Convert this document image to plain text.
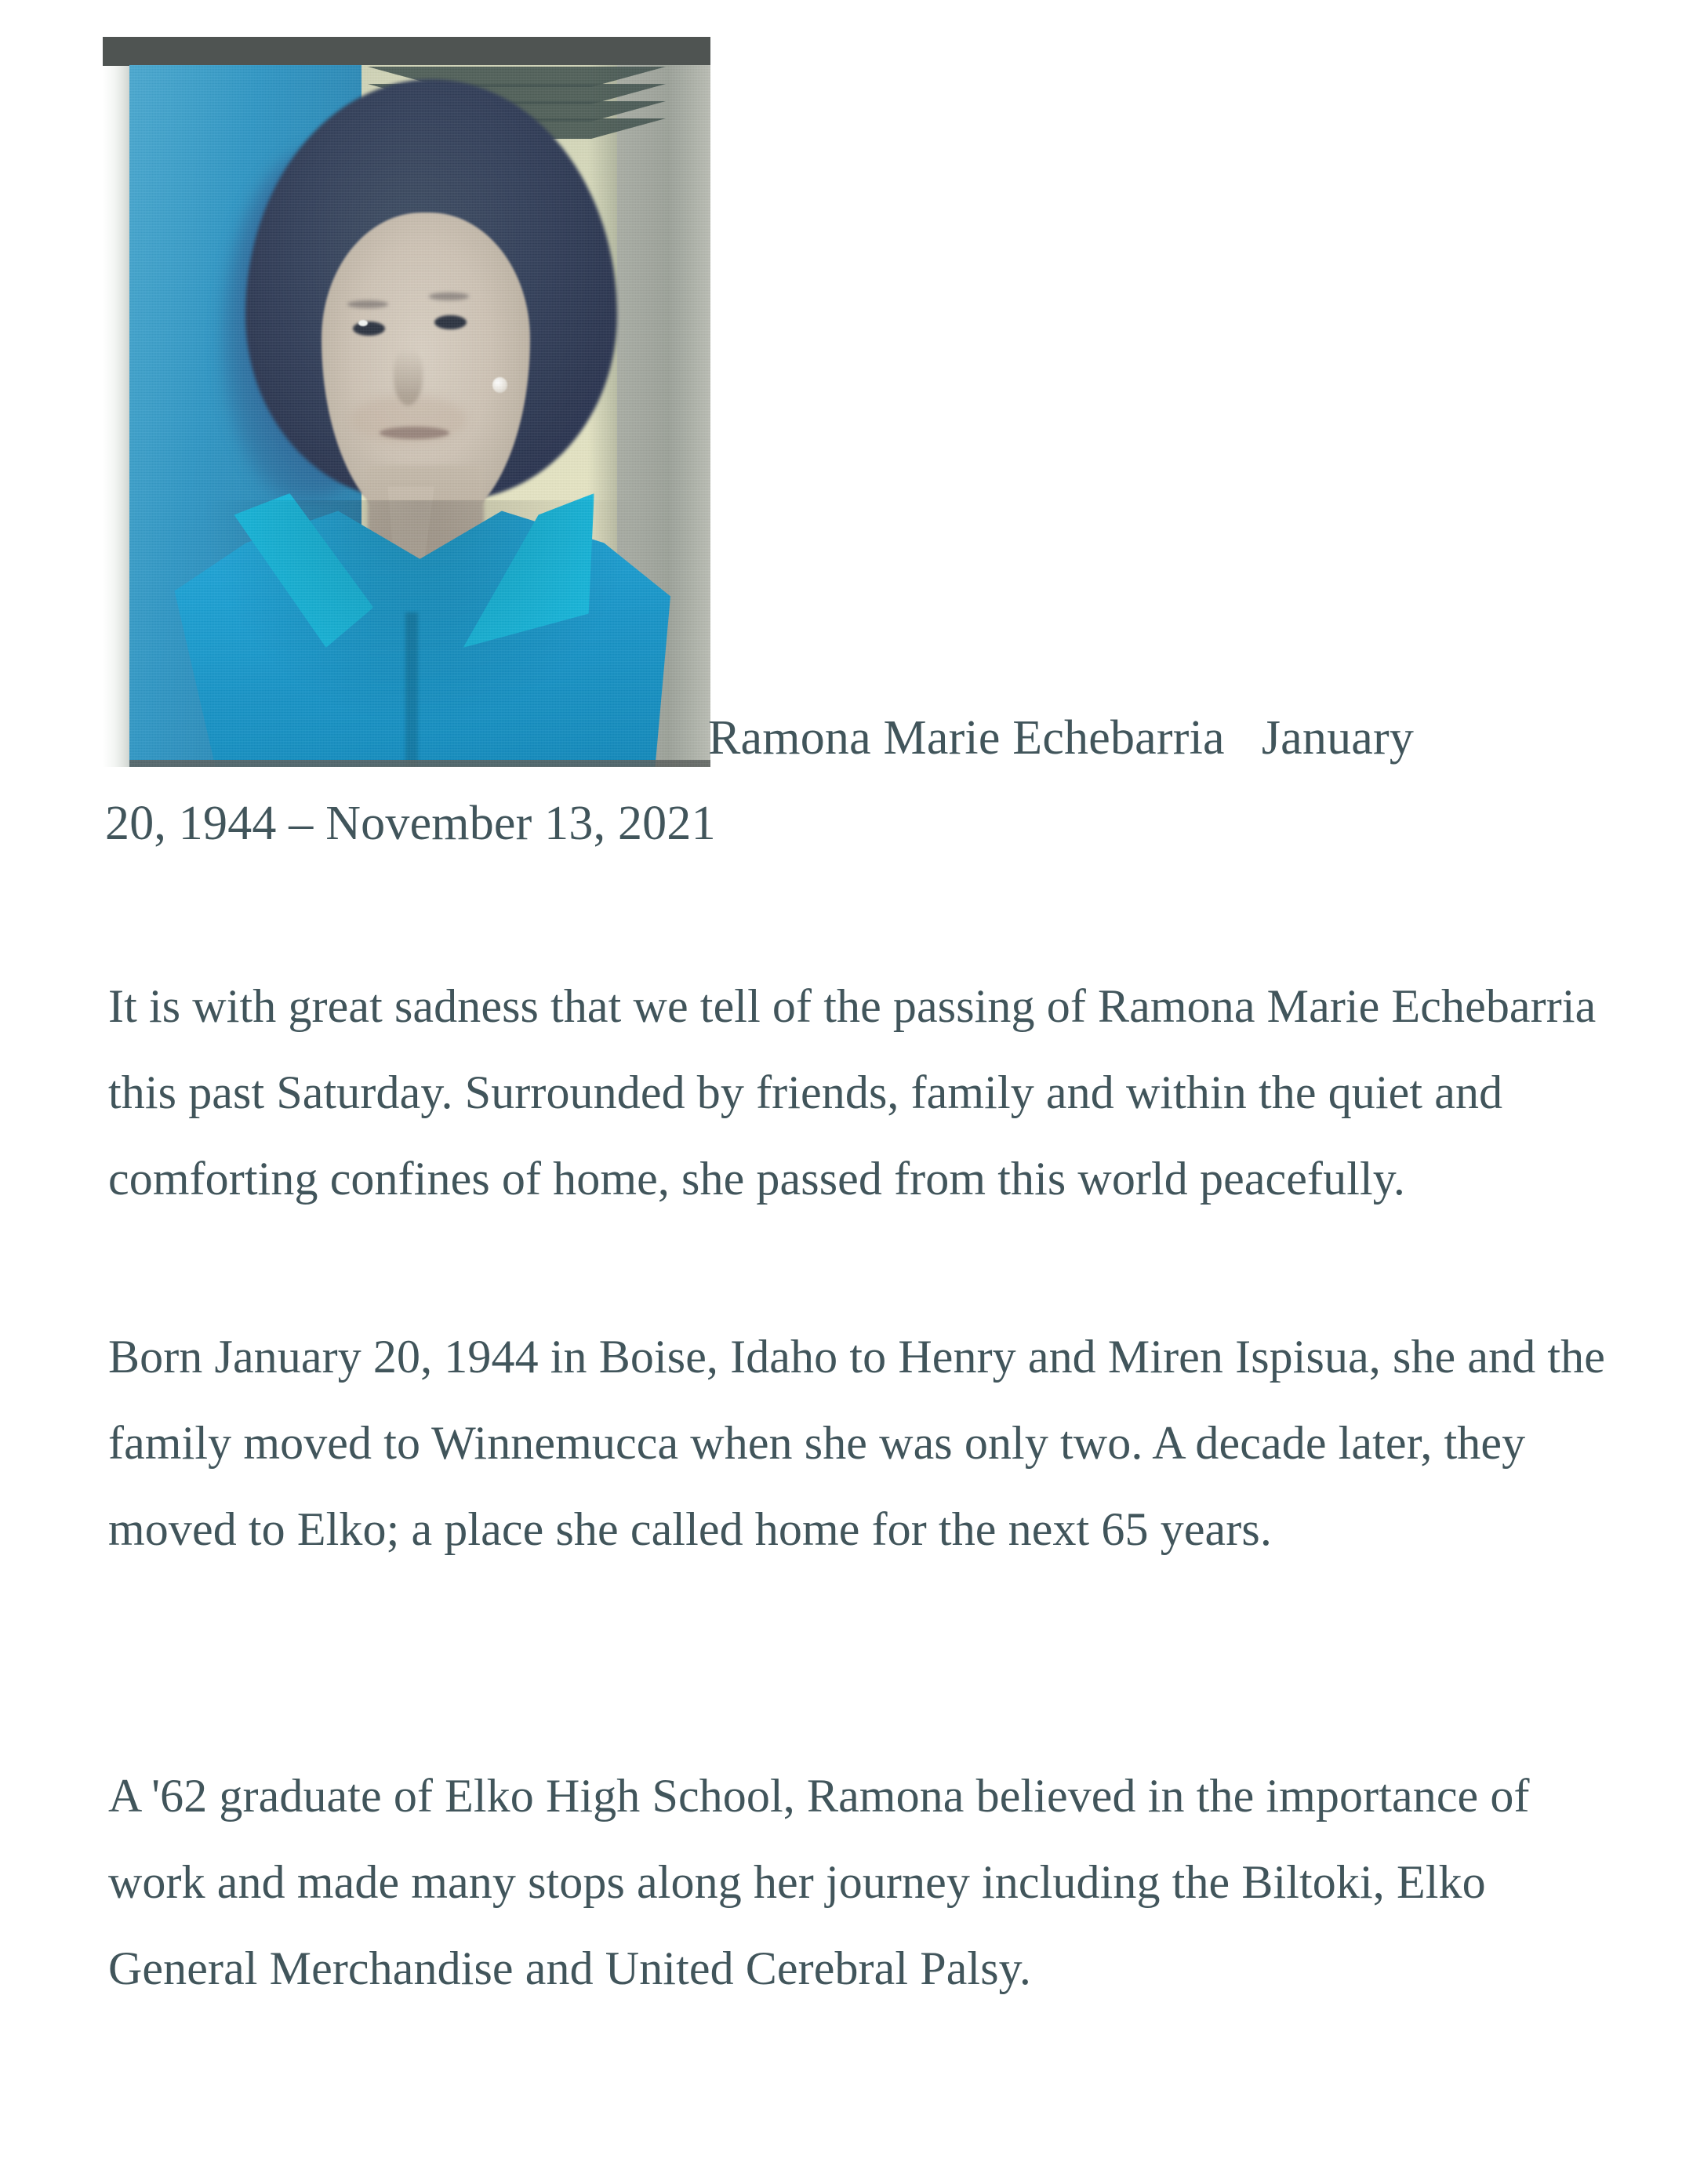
Ramona Marie Echebarria   January
20, 1944 – November 13, 2021

It is with great sadness that we tell of the passing of Ramona Marie Echebarria this past Saturday. Surrounded by friends, family and within the quiet and comforting confines of home, she passed from this world peacefully.

Born January 20, 1944 in Boise, Idaho to Henry and Miren Ispisua, she and the family moved to Winnemucca when she was only two. A decade later, they moved to Elko; a place she called home for the next 65 years.

A '62 graduate of Elko High School, Ramona believed in the importance of work and made many stops along her journey including the Biltoki, Elko General Merchandise and United Cerebral Palsy.
